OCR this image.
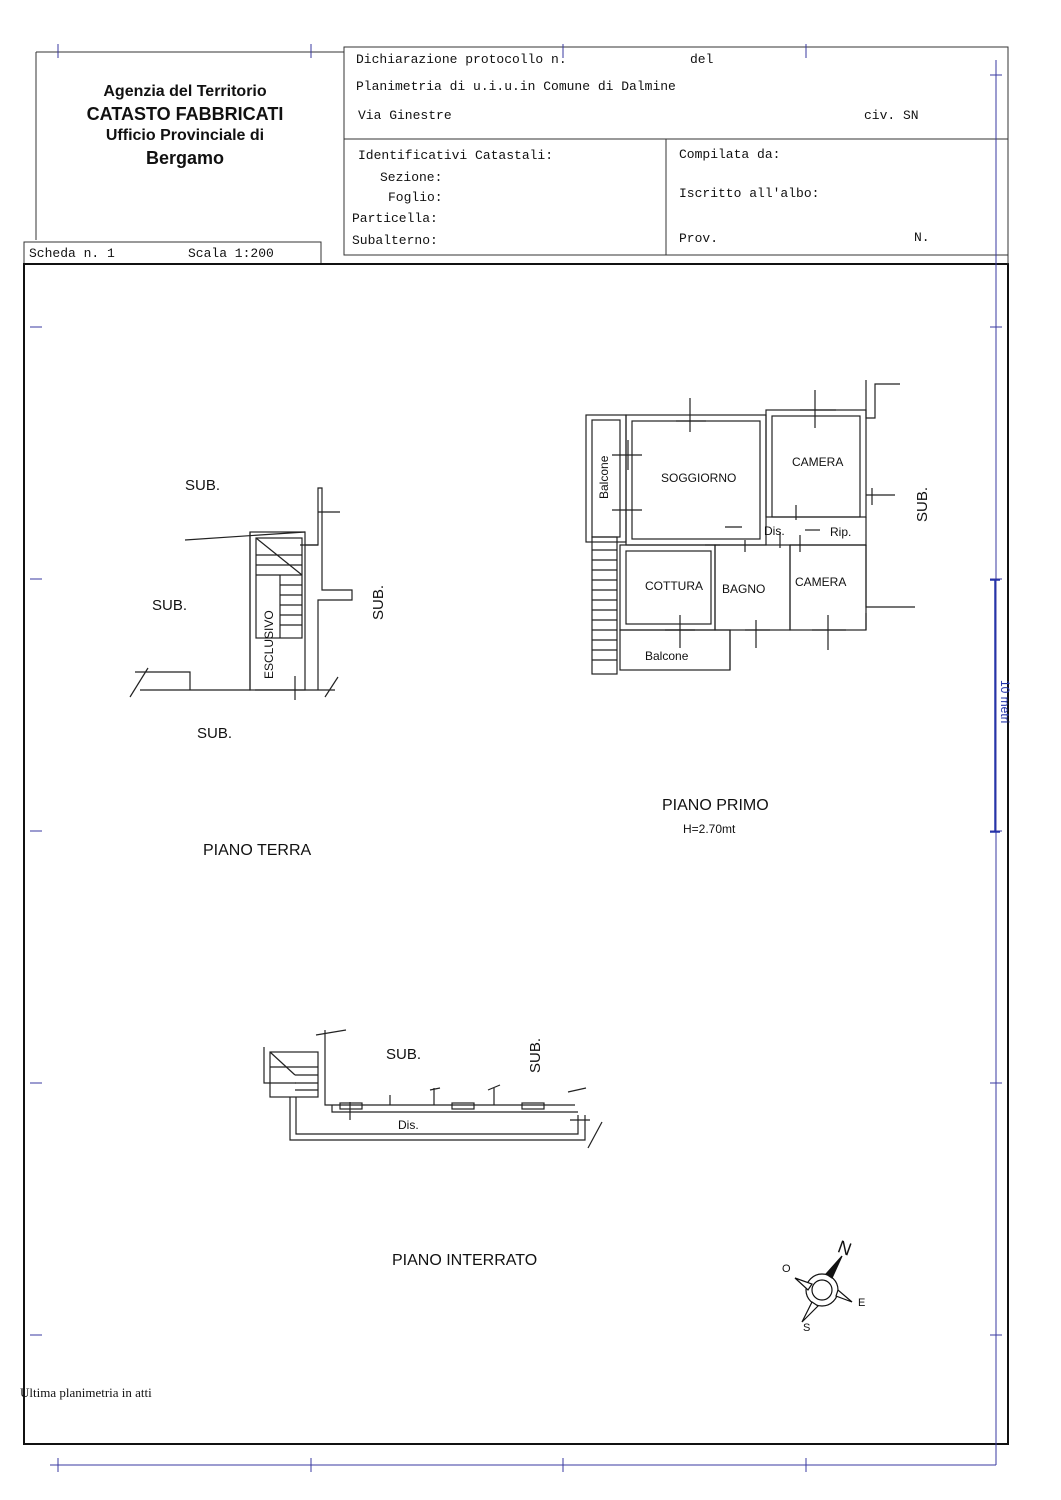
Agenzia del Territorio
CATASTO FABBRICATI
Ufficio Provinciale di
Bergamo
Dichiarazione protocollo n.	del
Planimetria di u.i.u.in Comune di Dalmine
Via Ginestre	civ. SN
Identificativi Catastali:
Sezione:
Foglio:
Particella:
Subalterno:
Compilata da:
Iscritto all'albo:
Prov.	N.
Scheda n. 1	Scala 1:200
SUB.
SUB.	SUB.
SUB.
ESCLUSIVO
PIANO TERRA
SOGGIORNO
CAMERA
Dis.	Rip.
COTTURA BAGNO CAMERA
Balcone
Balcone
SUB.
PIANO PRIMO
H=2.70mt
SUB.	SUB.
Dis.
PIANO INTERRATO
10 metri
N
O
E
S
Ultima planimetria in atti
